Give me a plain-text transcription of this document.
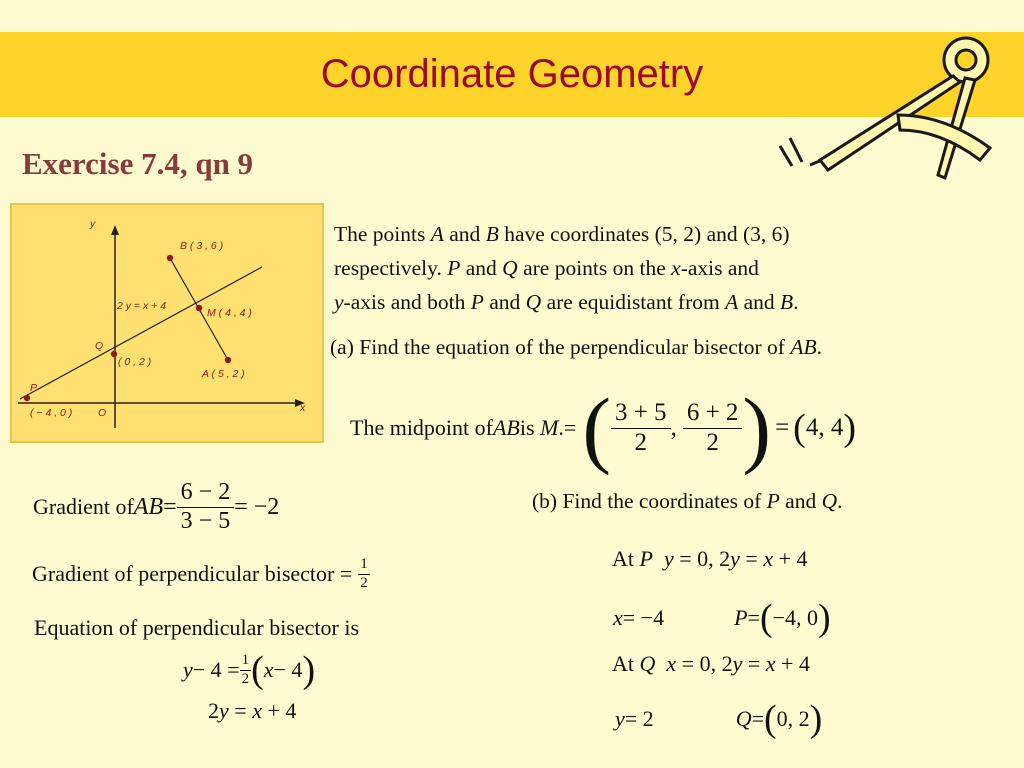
Coordinate Geometry
Exercise 7.4, qn 9
y
x
O
B ( 3 , 6 )
M ( 4 , 4 )
A ( 5 , 2 )
2 y = x + 4
Q
( 0 , 2 )
P
( − 4 , 0 )
The points A and B have coordinates (5, 2) and (3, 6)
respectively. P and Q are points on the x-axis and
y-axis and both P and Q are equidistant from A and B.
(a) Find the equation of the perpendicular bisector of AB.
The midpoint of AB is
M .= ( $\frac{3 + 5}{2}$ , $\frac{6 + 2}{2}$ ) = ( 4, 4 )
Gradient of AB = $\frac{6 - 2}{3 - 5} = -2$	(b) Find the coordinates of P and Q.
Gradient of perpendicular bisector = $\frac{1}{2}$
Equation of perpendicular bisector is
$y - 4 = \frac{1}{2}$ ( x − 4 )
2y = x + 4
At P y = 0, 2y = x + 4
x = −4	P = ( −4, 0 )
At Q x = 0, 2y = x + 4
y = 2	Q = ( 0, 2 )
